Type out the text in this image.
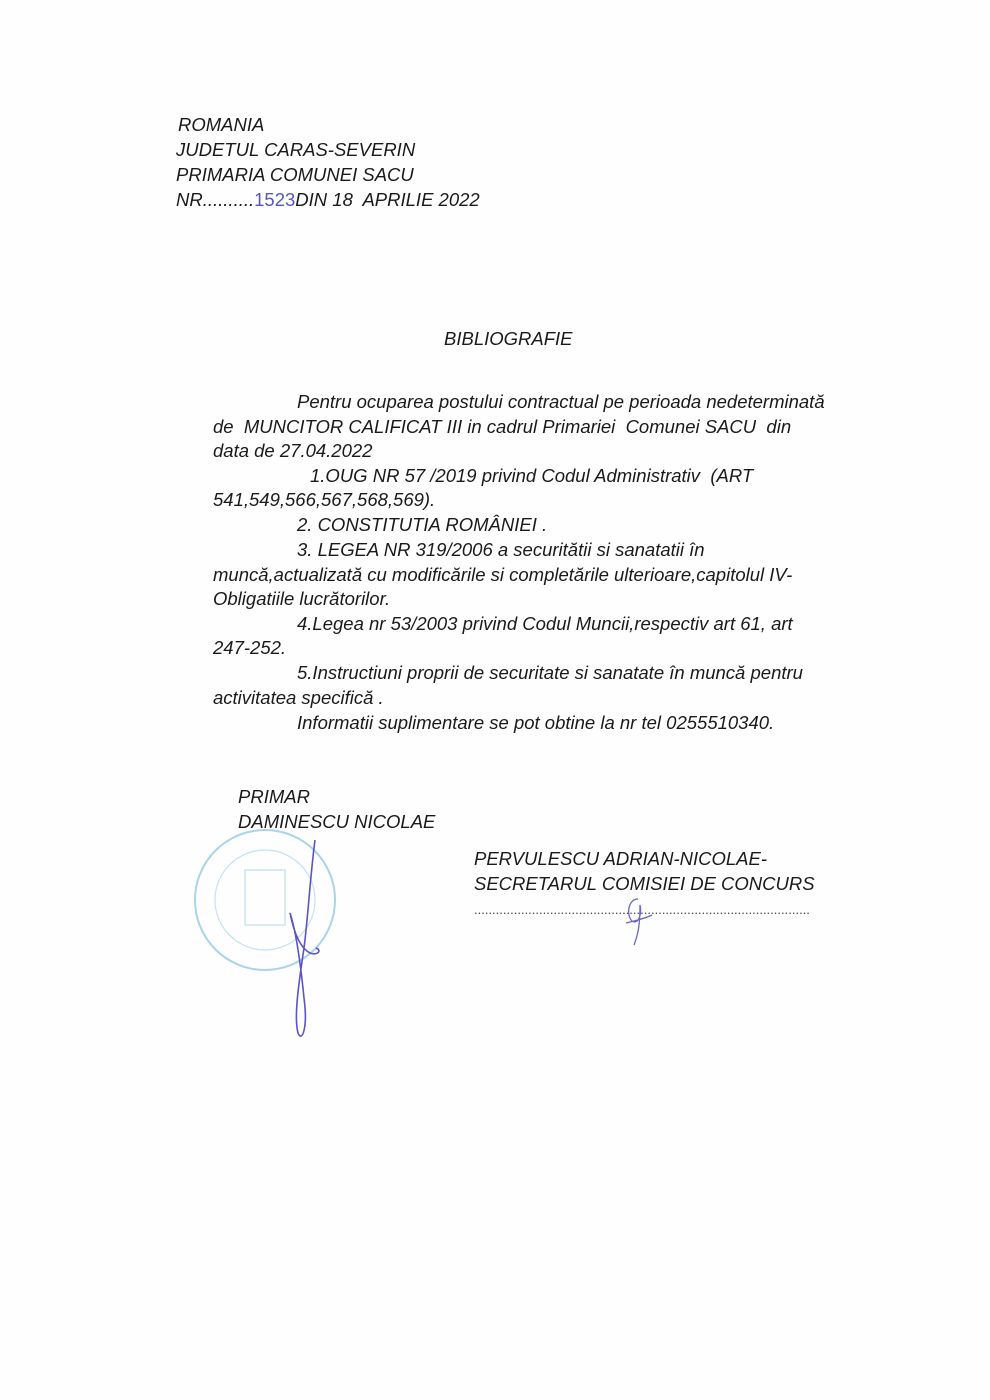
ROMANIA
JUDETUL CARAS-SEVERIN
PRIMARIA COMUNEI SACU
NR..........1523DIN 18  APRILIE 2022
BIBLIOGRAFIE
Pentru ocuparea postului contractual pe perioada nedeterminată
de  MUNCITOR CALIFICAT III in cadrul Primariei  Comunei SACU  din
data de 27.04.2022
1.OUG NR 57 /2019 privind Codul Administrativ  (ART
541,549,566,567,568,569).
2. CONSTITUTIA ROMÂNIEI .
3. LEGEA NR 319/2006 a securitătii si sanatatii în
muncă,actualizată cu modificările si completările ulterioare,capitolul IV-
Obligatiile lucrătorilor.
4.Legea nr 53/2003 privind Codul Muncii,respectiv art 61, art
247-252.
5.Instructiuni proprii de securitate si sanatate în muncă pentru
activitatea specifică .
Informatii suplimentare se pot obtine la nr tel 0255510340.
PRIMAR
DAMINESCU NICOLAE
PERVULESCU ADRIAN-NICOLAE-
SECRETARUL COMISIEI DE CONCURS
.............................................................................................
